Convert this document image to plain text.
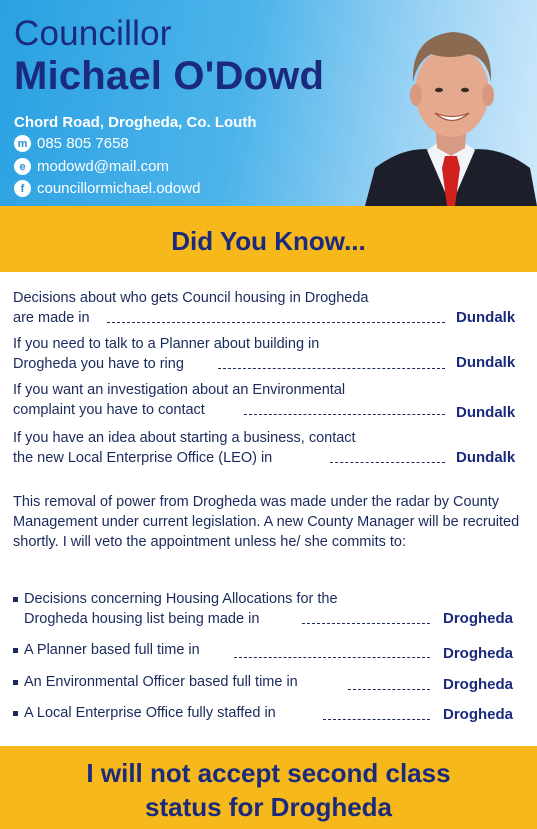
Councillor
Michael O'Dowd
Chord Road, Drogheda, Co. Louth
m 085 805 7658
e modowd@mail.com
f councillormichael.odowd
Did You Know...
Decisions about who gets Council housing in Drogheda
are made in	Dundalk
If you need to talk to a Planner about building in
Drogheda you have to ring	Dundalk
If you want an investigation about an Environmental
complaint you have to contact	Dundalk
If you have an idea about starting a business, contact
the new Local Enterprise Office (LEO) in	Dundalk
This removal of power from Drogheda was made under the radar by County Management under current legislation. A new County Manager will be recruited shortly. I will veto the appointment unless he/ she commits to:
Decisions concerning Housing Allocations for the
Drogheda housing list being made in	Drogheda
A Planner based full time in	Drogheda
An Environmental Officer based full time in	Drogheda
A Local Enterprise Office fully staffed in	Drogheda
I will not accept second class
status for Drogheda
